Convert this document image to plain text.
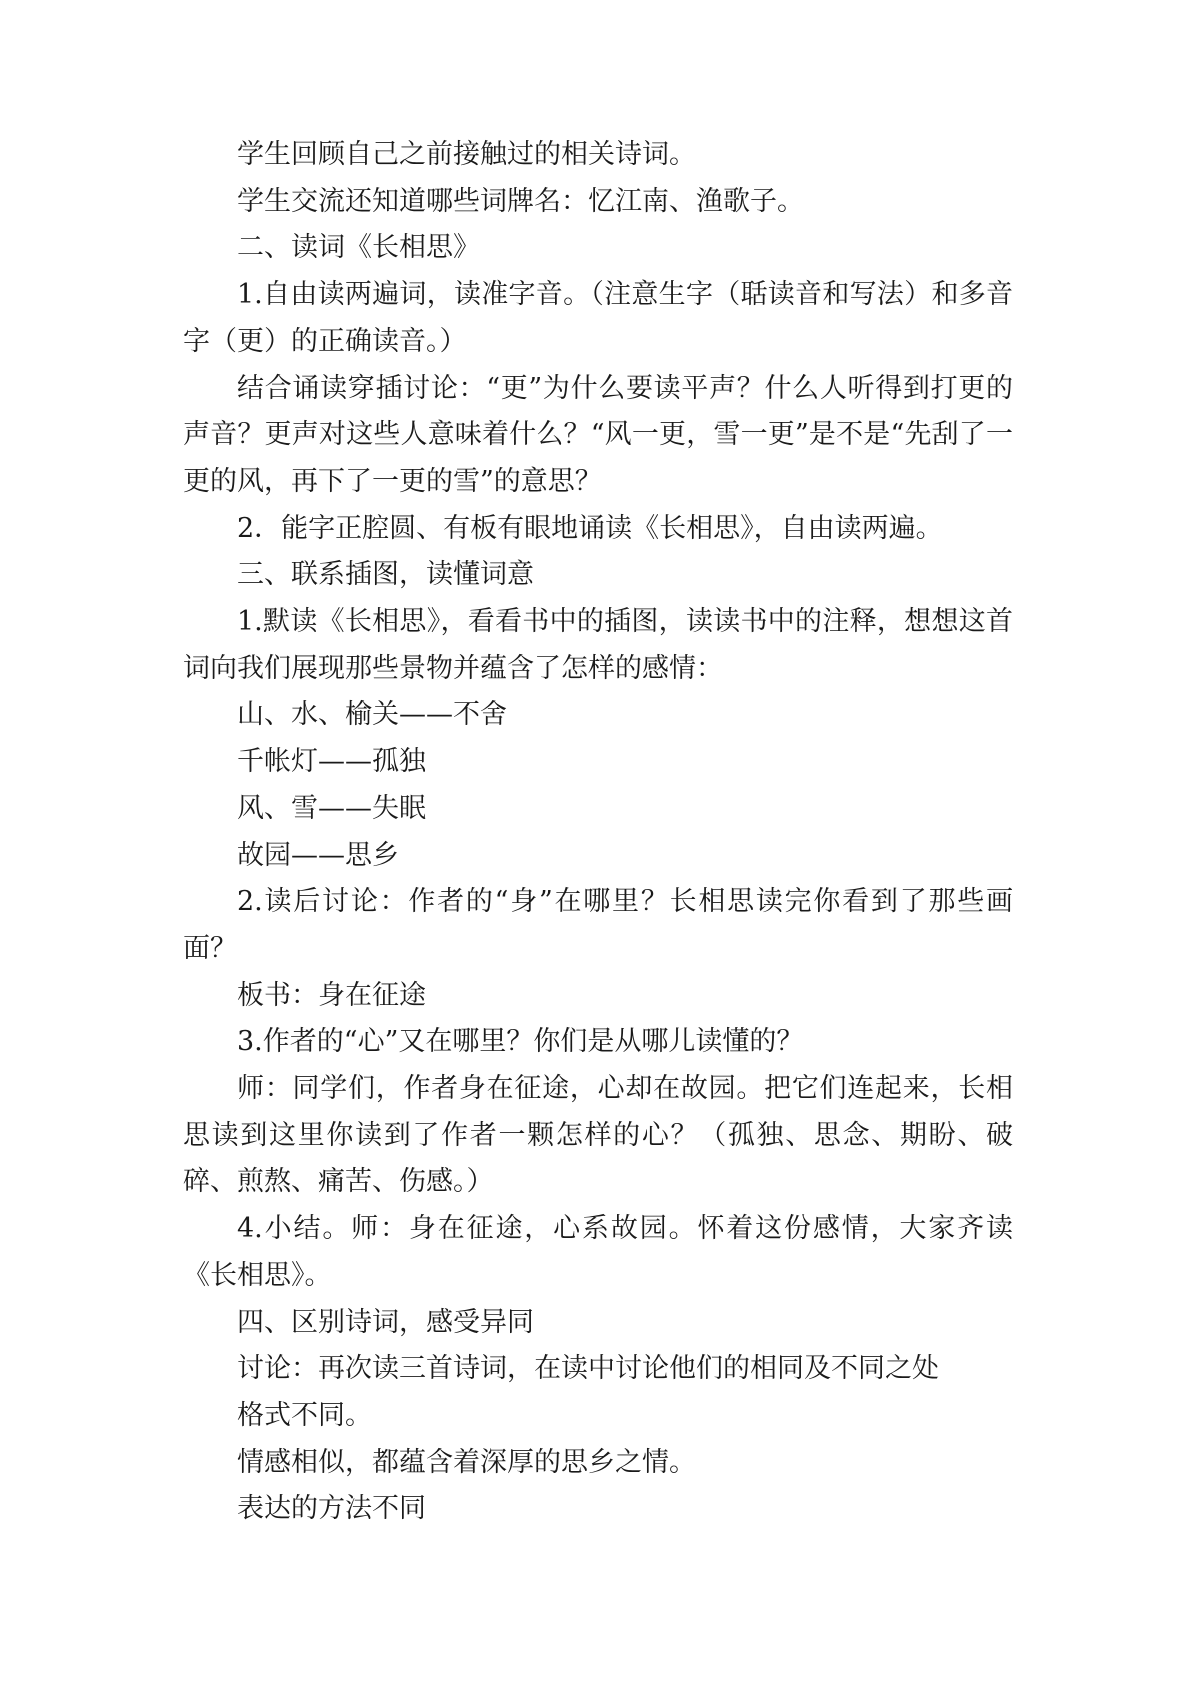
学生回顾自己之前接触过的相关诗词。

学生交流还知道哪些词牌名：忆江南、渔歌子。

二、读词《长相思》

1.自由读两遍词，读准字音。（注意生字（聒读音和写法）和多音字（更）的正确读音。）

结合诵读穿插讨论：“更”为什么要读平声？什么人听得到打更的声音？更声对这些人意味着什么？“风一更，雪一更”是不是“先刮了一更的风，再下了一更的雪”的意思？

2．能字正腔圆、有板有眼地诵读《长相思》，自由读两遍。

三、联系插图，读懂词意

1.默读《长相思》，看看书中的插图，读读书中的注释，想想这首词向我们展现那些景物并蕴含了怎样的感情：

山、水、榆关——不舍

千帐灯——孤独

风、雪——失眠

故园——思乡

2.读后讨论：作者的“身”在哪里？长相思读完你看到了那些画面？

板书：身在征途

3.作者的“心”又在哪里？你们是从哪儿读懂的？

师：同学们，作者身在征途，心却在故园。把它们连起来，长相思读到这里你读到了作者一颗怎样的心？（孤独、思念、期盼、破碎、煎熬、痛苦、伤感。）

4.小结。师：身在征途，心系故园。怀着这份感情，大家齐读《长相思》。

四、区别诗词，感受异同

讨论：再次读三首诗词，在读中讨论他们的相同及不同之处

格式不同。

情感相似，都蕴含着深厚的思乡之情。

表达的方法不同
